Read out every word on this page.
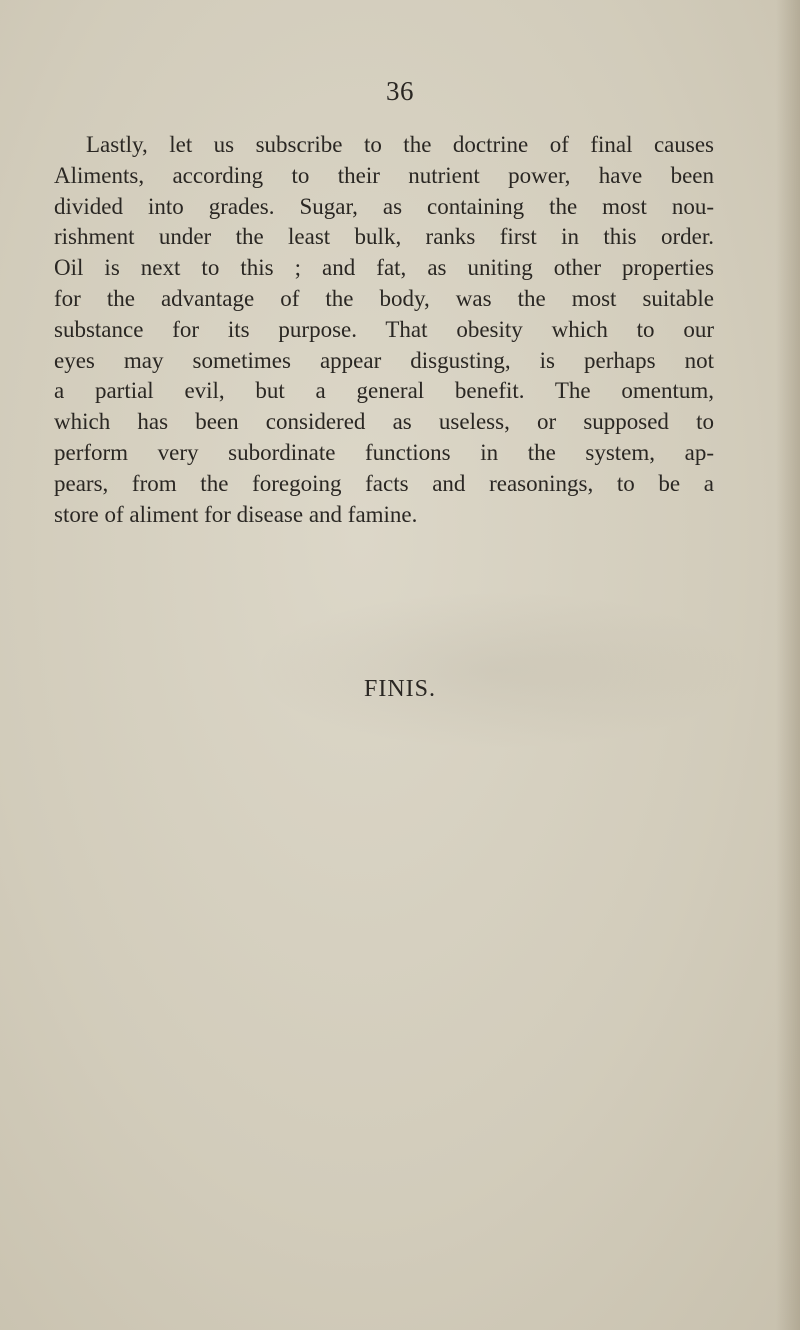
36
Lastly, let us subscribe to the doctrine of final causes
Aliments, according to their nutrient power, have been
divided into grades. Sugar, as containing the most nou-
rishment under the least bulk, ranks first in this order.
Oil is next to this ; and fat, as uniting other properties
for the advantage of the body, was the most suitable
substance for its purpose. That obesity which to our
eyes may sometimes appear disgusting, is perhaps not
a partial evil, but a general benefit. The omentum,
which has been considered as useless, or supposed to
perform very subordinate functions in the system, ap-
pears, from the foregoing facts and reasonings, to be a
store of aliment for disease and famine.
FINIS.
